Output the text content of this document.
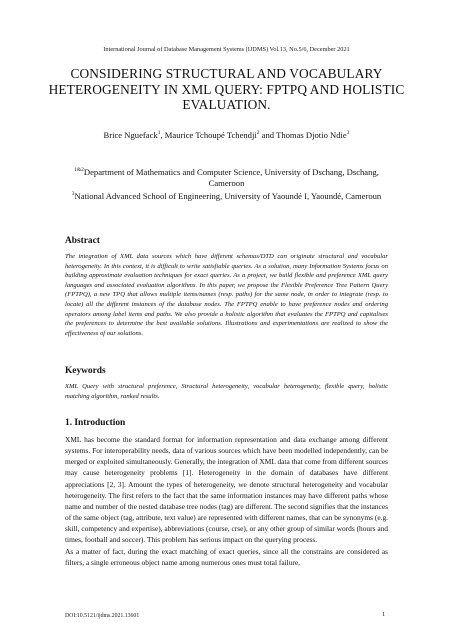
International Journal of Database Management Systems (IJDMS) Vol.13, No.5/6, December 2021
CONSIDERING STRUCTURAL AND VOCABULARY HETEROGENEITY IN XML QUERY: FPTPQ AND HOLISTIC EVALUATION.
Brice Nguefack$^1$, Maurice Tchoupé Tchendji$^2$ and Thomas Djotio Ndie$^3$
$^{1\&2}$Department of Mathematics and Computer Science, University of Dschang, Dschang, Cameroon
$^3$National Advanced School of Engineering, University of Yaoundé I, Yaoundé, Cameroun
Abstract
The integration of XML data sources which have different schemas/DTD can originate structural and vocabular heterogeneity. In this context, it is difficult to write satisfiable queries. As a solution, many Information Systems focus on building approximate evaluation techniques for exact queries. As a project, we build flexible and preference XML query languages and associated evaluation algorithms. In this paper, we propose the Flexible Preference Tree Pattern Query (FPTPQ), a new TPQ that allows multiple items/names (resp. paths) for the same node, in order to integrate (resp. to locate) all the different instances of the database nodes. The FPTPQ enable to have preference nodes and ordering operators among label items and paths. We also provide a holistic algorithm that evaluates the FPTPQ and capitalises the preferences to determine the best available solutions. Illustrations and experimentations are realized to show the effectiveness of our solutions.
Keywords
XML Query with structural preference, Structural heterogeneity, vocabular heterogeneity, flexible query, holistic matching algorithm, ranked results.
1. Introduction

XML has become the standard format for information representation and data exchange among different systems. For interoperability needs, data of various sources which have been modelled independently, can be merged or exploited simultaneously. Generally, the integration of XML data that come from different sources may cause heterogeneity problems [1]. Heterogeneity in the domain of databases have different appreciations [2, 3]. Amount the types of heterogeneity, we denote structural heterogeneity and vocabular heterogeneity. The first refers to the fact that the same information instances may have different paths whose name and number of the nested database tree nodes (tag) are different. The second signifies that the instances of the same object (tag, attribute, text value) are represented with different names, that can be synonyms (e.g. skill, competency and expertise), abbreviations (course, crse), or any other group of similar words (hours and times, football and soccer). This problem has serious impact on the querying process.

As a matter of fact, during the exact matching of exact queries, since all the constrains are considered as filters, a single erroneous object name among numerous ones must total failure,

DOI:10.5121/ijdms.2021.13601	1
